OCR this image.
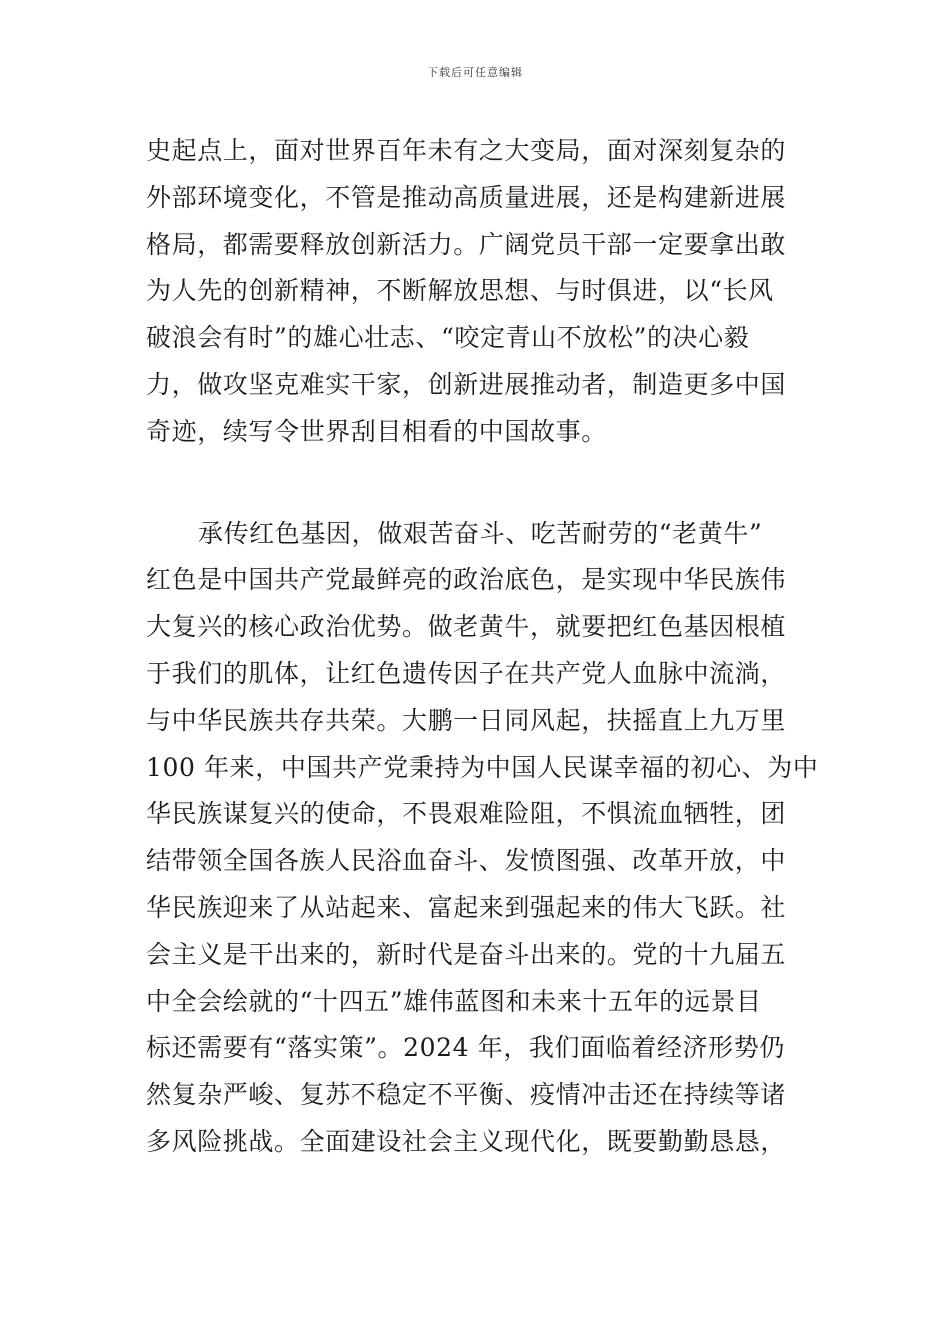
下载后可任意编辑
史起点上，面对世界百年未有之大变局，面对深刻复杂的
外部环境变化，不管是推动高质量进展，还是构建新进展
格局，都需要释放创新活力。广阔党员干部一定要拿出敢
为人先的创新精神，不断解放思想、与时俱进，以“长风
破浪会有时”的雄心壮志、“咬定青山不放松”的决心毅
力，做攻坚克难实干家，创新进展推动者，制造更多中国
奇迹，续写令世界刮目相看的中国故事。
承传红色基因，做艰苦奋斗、吃苦耐劳的“老黄牛”
红色是中国共产党最鲜亮的政治底色，是实现中华民族伟
大复兴的核心政治优势。做老黄牛，就要把红色基因根植
于我们的肌体，让红色遗传因子在共产党人血脉中流淌，
与中华民族共存共荣。大鹏一日同风起，扶摇直上九万里
100 年来，中国共产党秉持为中国人民谋幸福的初心、为中
华民族谋复兴的使命，不畏艰难险阻，不惧流血牺牲，团
结带领全国各族人民浴血奋斗、发愤图强、改革开放，中
华民族迎来了从站起来、富起来到强起来的伟大飞跃。社
会主义是干出来的，新时代是奋斗出来的。党的十九届五
中全会绘就的“十四五”雄伟蓝图和未来十五年的远景目
标还需要有“落实策”。2024 年，我们面临着经济形势仍
然复杂严峻、复苏不稳定不平衡、疫情冲击还在持续等诸
多风险挑战。全面建设社会主义现代化，既要勤勤恳恳，
